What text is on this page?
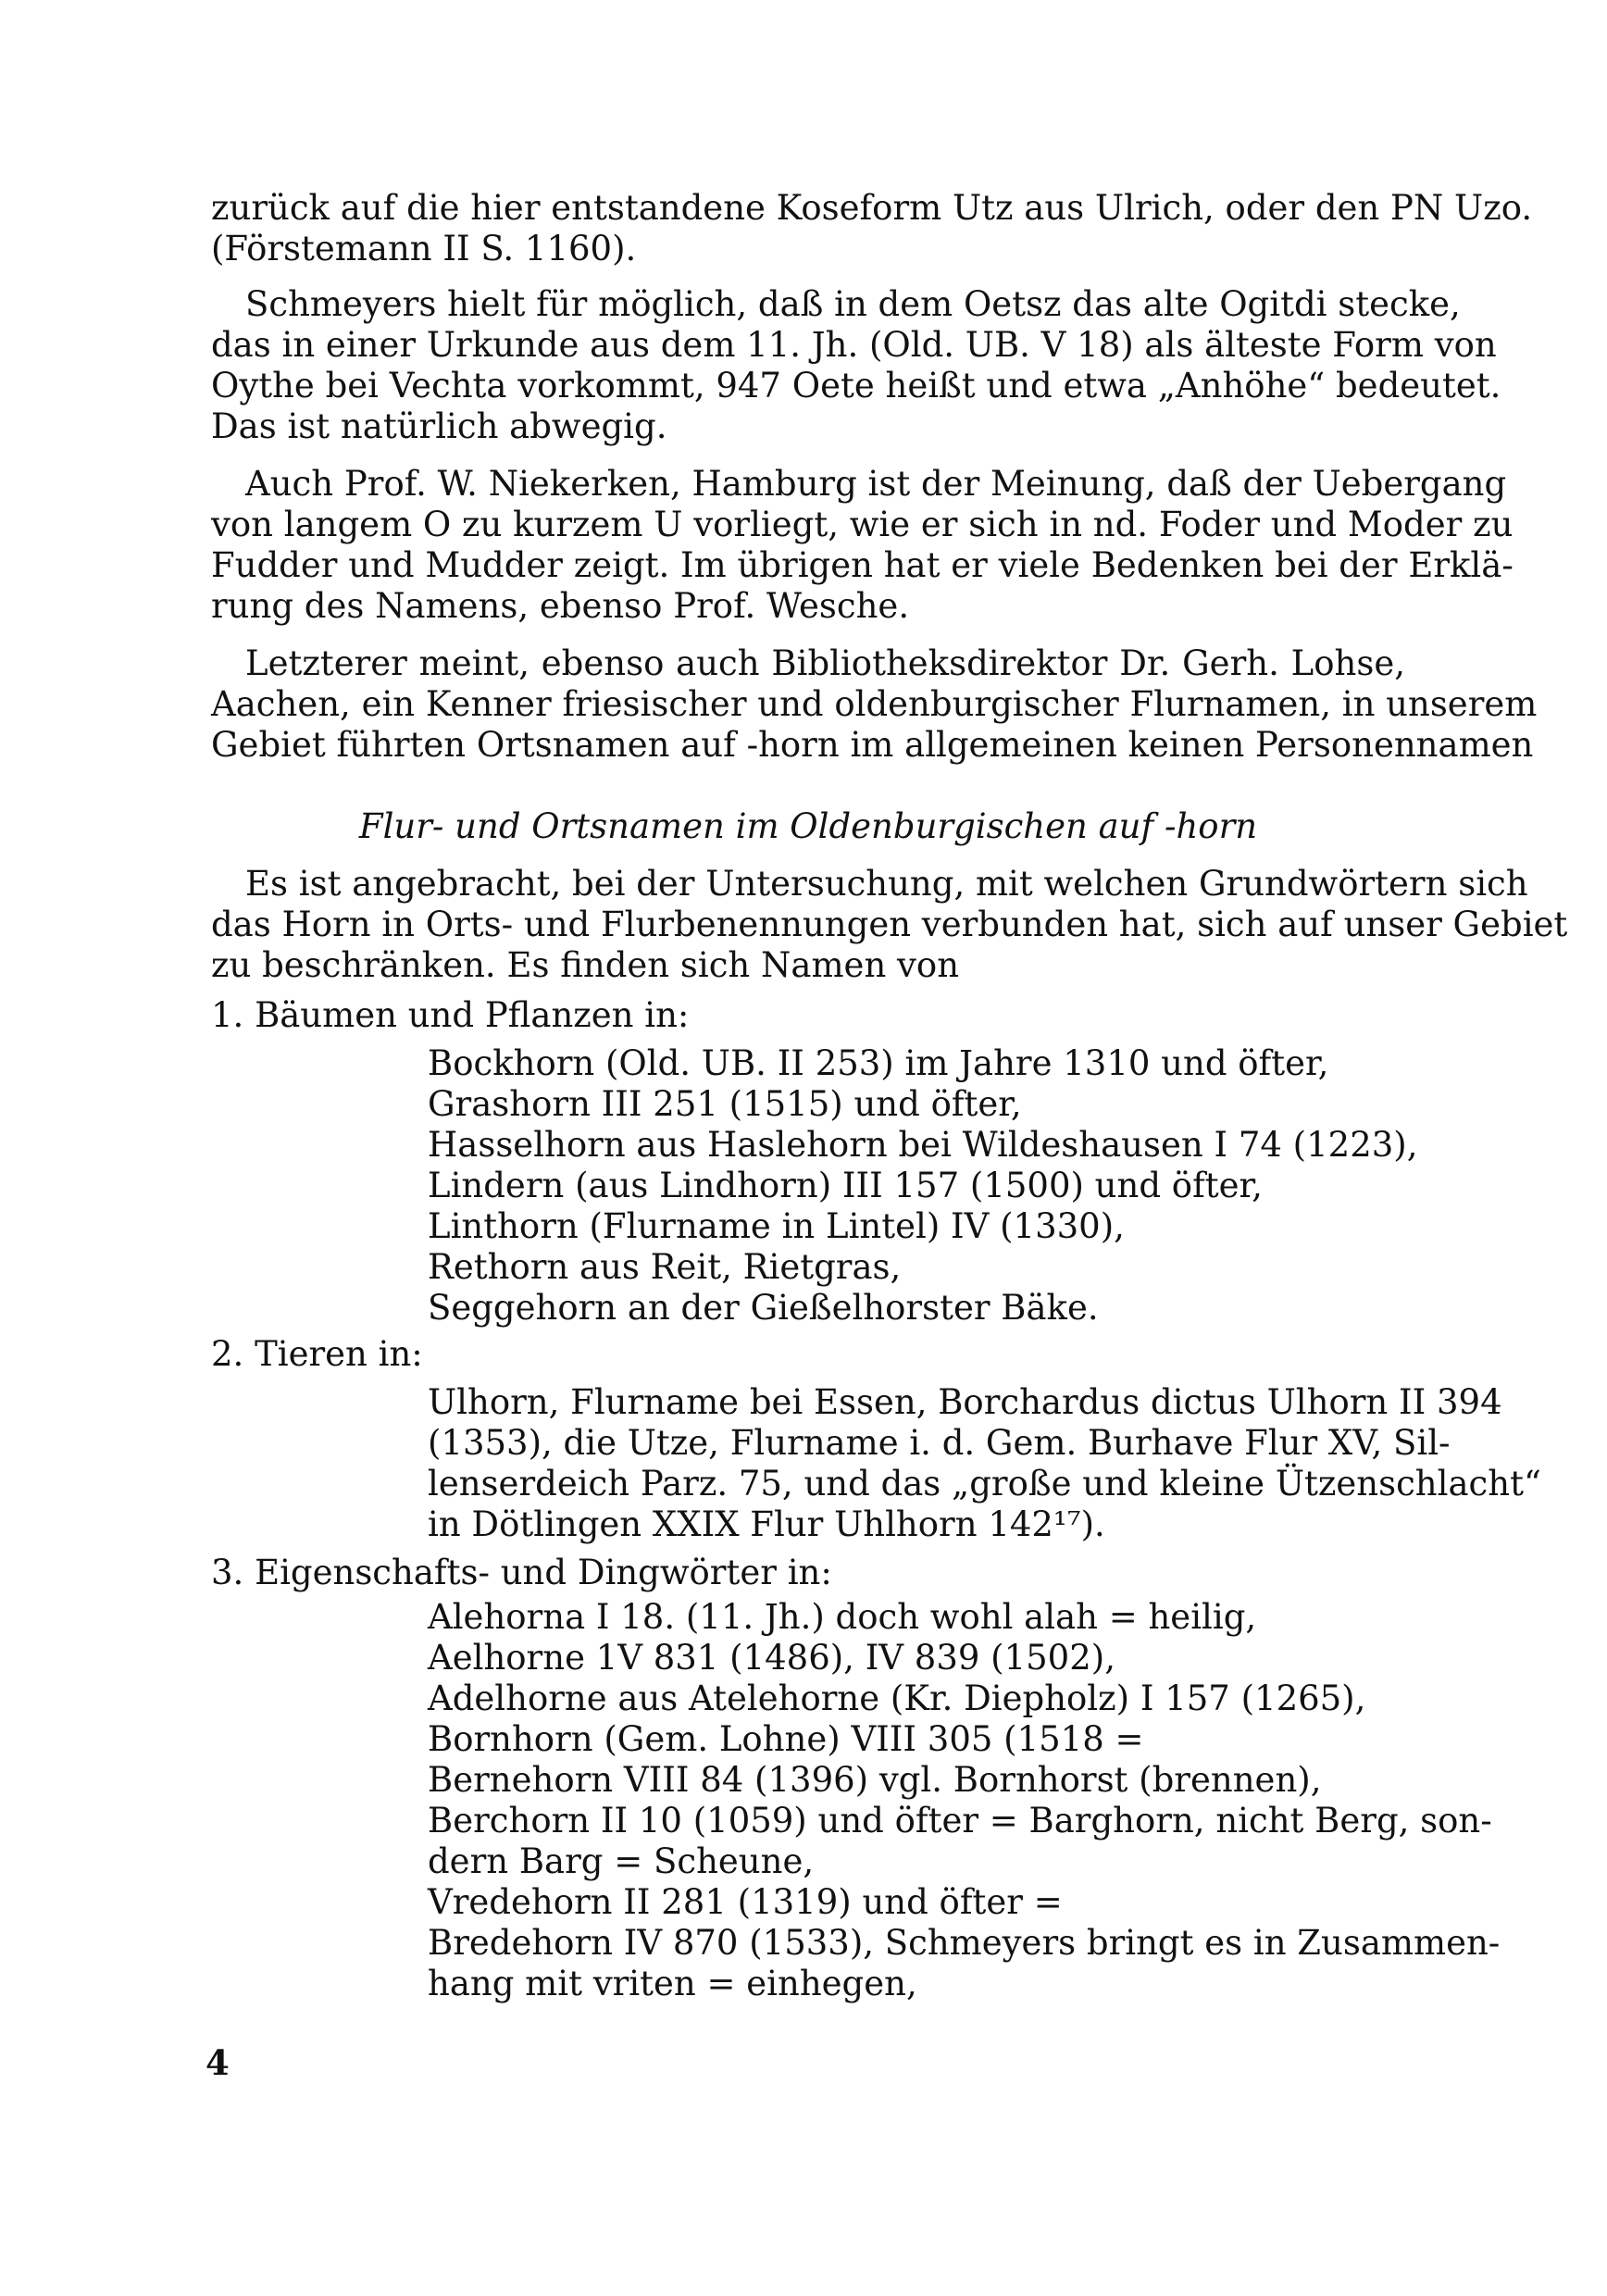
zurück auf die hier entstandene Koseform Utz aus Ulrich, oder den PN Uzo.
(Förstemann II S. 1160).
Schmeyers hielt für möglich, daß in dem Oetsz das alte Ogitdi stecke,
das in einer Urkunde aus dem 11. Jh. (Old. UB. V 18) als älteste Form von
Oythe bei Vechta vorkommt, 947 Oete heißt und etwa „Anhöhe“ bedeutet.
Das ist natürlich abwegig.
Auch Prof. W. Niekerken, Hamburg ist der Meinung, daß der Uebergang
von langem O zu kurzem U vorliegt, wie er sich in nd. Foder und Moder zu
Fudder und Mudder zeigt. Im übrigen hat er viele Bedenken bei der Erklä-
rung des Namens, ebenso Prof. Wesche.
Letzterer meint, ebenso auch Bibliotheksdirektor Dr. Gerh. Lohse,
Aachen, ein Kenner friesischer und oldenburgischer Flurnamen, in unserem
Gebiet führten Ortsnamen auf -horn im allgemeinen keinen Personennamen
Flur- und Ortsnamen im Oldenburgischen auf -horn
Es ist angebracht, bei der Untersuchung, mit welchen Grundwörtern sich
das Horn in Orts- und Flurbenennungen verbunden hat, sich auf unser Gebiet
zu beschränken. Es finden sich Namen von
1. Bäumen und Pflanzen in:
Bockhorn (Old. UB. II 253) im Jahre 1310 und öfter,
Grashorn III 251 (1515) und öfter,
Hasselhorn aus Haslehorn bei Wildeshausen I 74 (1223),
Lindern (aus Lindhorn) III 157 (1500) und öfter,
Linthorn (Flurname in Lintel) IV (1330),
Rethorn aus Reit, Rietgras,
Seggehorn an der Gießelhorster Bäke.
2. Tieren in:
Ulhorn, Flurname bei Essen, Borchardus dictus Ulhorn II 394
(1353), die Utze, Flurname i. d. Gem. Burhave Flur XV, Sil-
lenserdeich Parz. 75, und das „große und kleine Ützenschlacht“
in Dötlingen XXIX Flur Uhlhorn 142¹⁷).
3. Eigenschafts- und Dingwörter in:
Alehorna I 18. (11. Jh.) doch wohl alah = heilig,
Aelhorne 1V 831 (1486), IV 839 (1502),
Adelhorne aus Atelehorne (Kr. Diepholz) I 157 (1265),
Bornhorn (Gem. Lohne) VIII 305 (1518 =
Bernehorn VIII 84 (1396) vgl. Bornhorst (brennen),
Berchorn II 10 (1059) und öfter = Barghorn, nicht Berg, son-
dern Barg = Scheune,
Vredehorn II 281 (1319) und öfter =
Bredehorn IV 870 (1533), Schmeyers bringt es in Zusammen-
hang mit vriten = einhegen,
4
